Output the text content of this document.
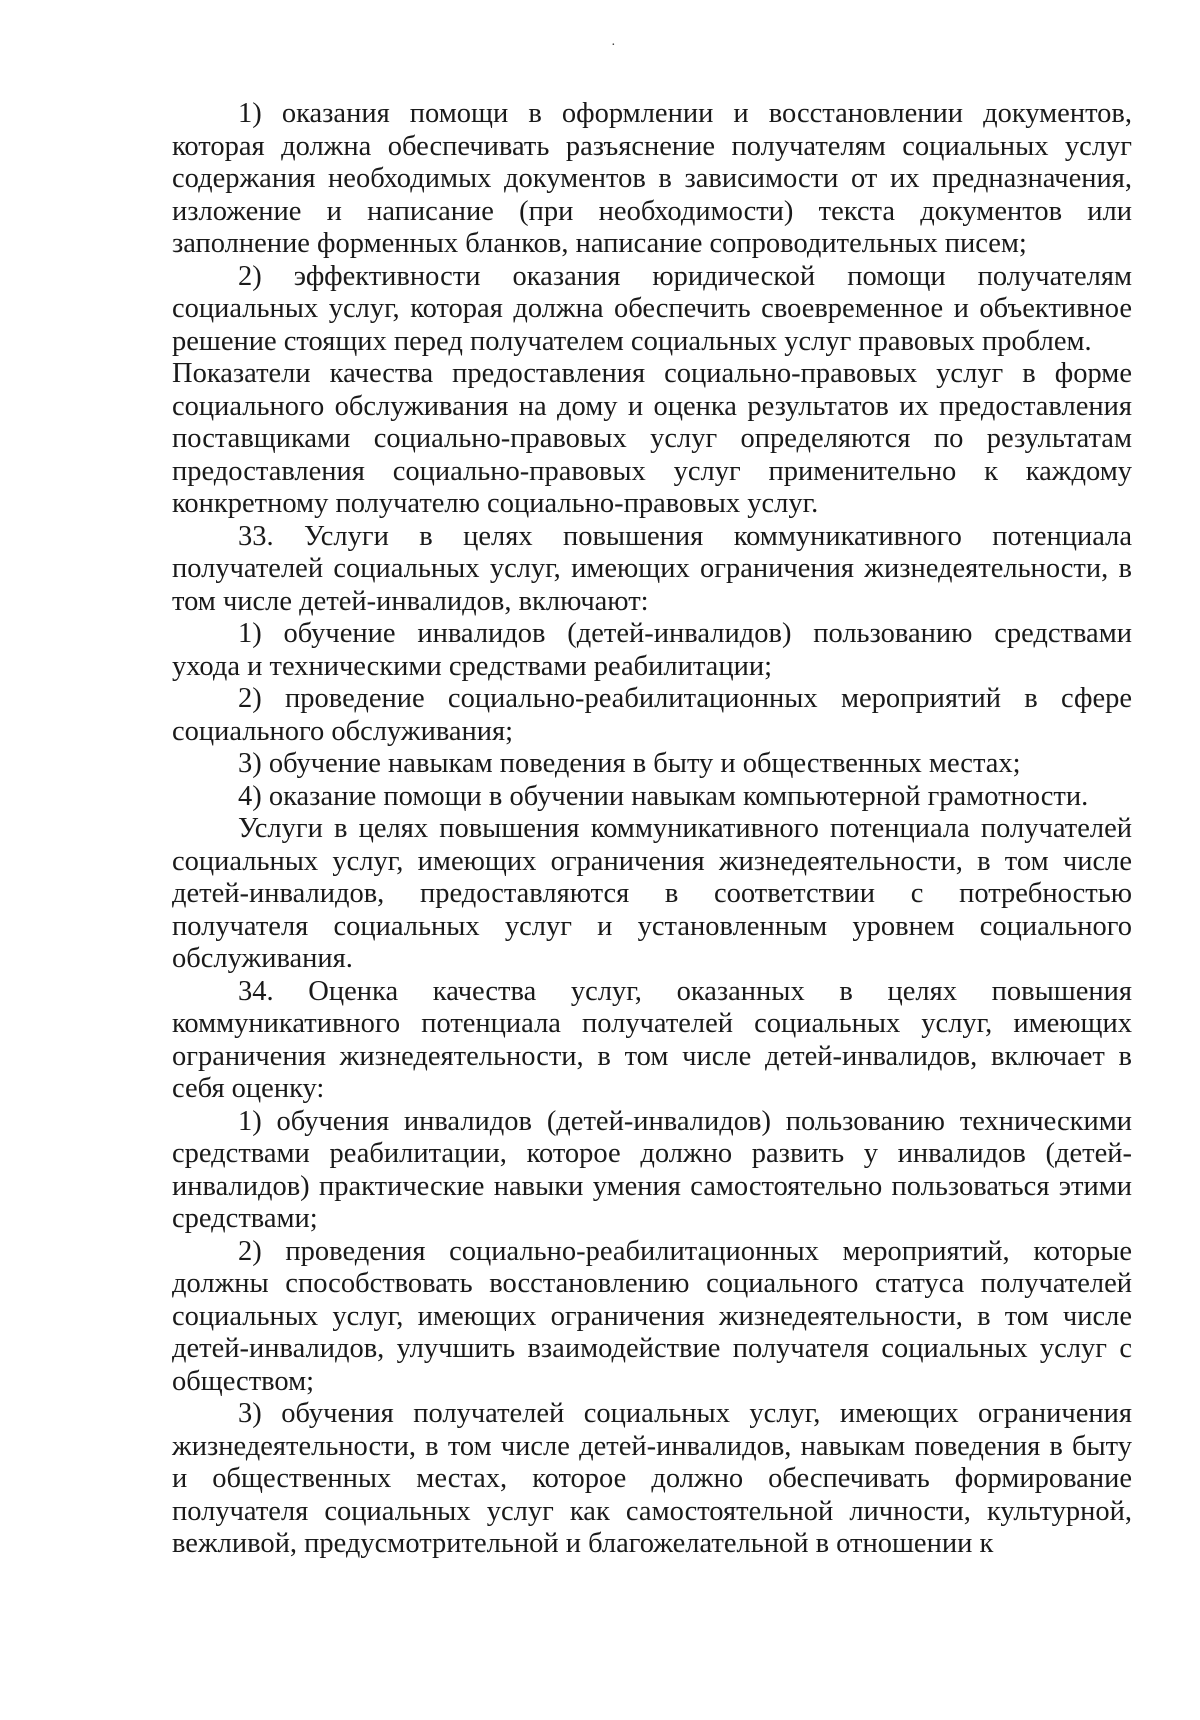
·

1) оказания помощи в оформлении и восстановлении документов, которая должна обеспечивать разъяснение получателям социальных услуг содержания необходимых документов в зависимости от их предназначения, изложение и написание (при необходимости) текста документов или заполнение форменных бланков, написание сопроводительных писем;

2) эффективности оказания юридической помощи получателям социальных услуг, которая должна обеспечить своевременное и объективное решение стоящих перед получателем социальных услуг правовых проблем.

Показатели качества предоставления социально-правовых услуг в форме социального обслуживания на дому и оценка результатов их предоставления поставщиками социально-правовых услуг определяются по результатам предоставления социально-правовых услуг применительно к каждому конкретному получателю социально-правовых услуг.

33. Услуги в целях повышения коммуникативного потенциала получателей социальных услуг, имеющих ограничения жизнедеятельности, в том числе детей-инвалидов, включают:

1) обучение инвалидов (детей-инвалидов) пользованию средствами ухода и техническими средствами реабилитации;

2) проведение социально-реабилитационных мероприятий в сфере социального обслуживания;

3) обучение навыкам поведения в быту и общественных местах;

4) оказание помощи в обучении навыкам компьютерной грамотности.

Услуги в целях повышения коммуникативного потенциала получателей социальных услуг, имеющих ограничения жизнедеятельности, в том числе детей-инвалидов, предоставляются в соответствии с потребностью получателя социальных услуг и установленным уровнем социального обслуживания.

34. Оценка качества услуг, оказанных в целях повышения коммуникативного потенциала получателей социальных услуг, имеющих ограничения жизнедеятельности, в том числе детей-инвалидов, включает в себя оценку:

1) обучения инвалидов (детей-инвалидов) пользованию техническими средствами реабилитации, которое должно развить у инвалидов (детей-инвалидов) практические навыки умения самостоятельно пользоваться этими средствами;

2) проведения социально-реабилитационных мероприятий, которые должны способствовать восстановлению социального статуса получателей социальных услуг, имеющих ограничения жизнедеятельности, в том числе детей-инвалидов, улучшить взаимодействие получателя социальных услуг с обществом;

3) обучения получателей социальных услуг, имеющих ограничения жизнедеятельности, в том числе детей-инвалидов, навыкам поведения в быту и общественных местах, которое должно обеспечивать формирование получателя социальных услуг как самостоятельной личности, культурной, вежливой, предусмотрительной и благожелательной в отношении к
